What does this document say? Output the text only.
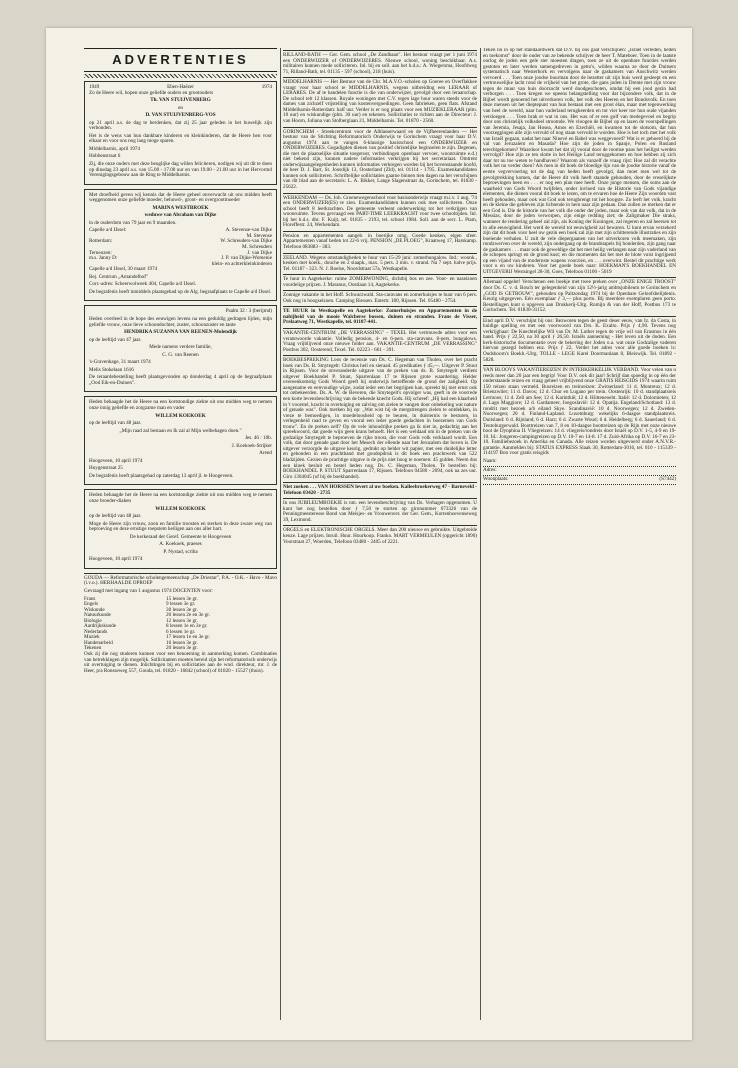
ADVERTENTIES
1949	Eben-Haëzer	1974

Zo de Heere wil, hopen onze geliefde ouders en grootouders

Th. VAN STUIJVENBERG

en

D. VAN STUIJVENBERG-VOS

op 21 april a.s. de dag te herdenken, dat zij 25 jaar geleden in het huwelijk zijn verbonden.

Het is de wens van hun dankbare kinderen en kleinkinderen, dat de Heere hen voor elkaar en voor ons nog lang moge sparen.

Middelharnis, april 1974

Hobbenstraat 6

Zij, die onze ouders met deze heuglijke dag willen feliciteren, nodigen wij uit dit te doen op dinsdag 23 april a.s. van 15.00 - 17.00 uur en van 19.00 - 21.00 uur in het Hervormd Verenigingsgebouw aan de Ring te Middelharnis.

Met droefheid geven wij kennis dat de Heere geheel onverwacht uit ons midden heeft weggenomen onze geliefde moeder, behuwd-, groot- en overgrootmoeder

MARINA WESTBROEK

weduwe van Abraham van Dijke

in de ouderdom van 79 jaar en 9 maanden.

Capelle a/d IJssel:	A. Stevense-van Dijke
M. Stevense
Rotterdam:	W. Schreuders-van Dijke
M. Schreuders
Terneuzen:	J. van Dijke
m.s. Janny D:	J. P. van Dijke-Womenie
klein- en achterkleinkinderen

Capelle a/d IJssel, 30 maart 1974

Bej. Centrum „Amandelhof"

Corr.-adres: Scheerwolweek 404, Capelle a/d IJssel.

De begrafenis heeft inmiddels plaatsgehad op de Alg. begraafplaats te Capelle a/d IJssel.

Psalm 32 : 3 (berijmd)

Heden overleed in de hope des eeuwigen levens na een geduldig gedragen lijden, mijn geliefde vrouw, onze lieve schoondochter, zuster, schoonzuster en tante

HENDRIKA SUZANNA VAN REENEN-Molendijk

op de leeftijd van 47 jaar.

Mede namens verdere familie,

C. G. van Reenen

's-Gravenhage, 31 maart 1974

Melis Stokelaan 1616

De teraardebestelling heeft plaatsgevonden op donderdag 4 april op de begraafplaats „Ood Eik-en-Duinen".

Heden behaagde het de Heere na een kortstondige ziekte uit ons midden weg te nemen onze innig geliefde en zorgzame man en vader

WILLEM KOEKOEK

op de leeftijd van 48 jaar.

„Mijn raad zal bestaan en Ik zal al Mijn welbehagen doen."

Jes. 46 : 10b.

J. Koekoek-Strijker

Arend

Hoogeveen, 10 april 1974

Huygenstraat 25

De begrafenis heeft plaatsgehad op zaterdag 13 april jl. te Hoogeveen.

Heden behaagde het de Heere na een kortstondige ziekte uit ons midden weg te nemen onze broeder-diaken

WILLEM KOEKOEK

op de leeftijd van 48 jaar.

Moge de Heere zijn vrouw, zoon en familie troosten en sterken in deze zware weg van beproeving en deze ernstige roepstem heiligen aan ons aller hart.

De kerkeraad der Geref. Gemeente te Hoogeveen

A. Koekoek, praeses

P. Nystad, scriba

Hoogeveen, 10 april 1974

GOUDA — Reformatorische scholengemeenschap „De Driestar", P.A. - O.K. - Havo - Mavo (i.v.o.). HERHAALDE OPROEP

Gevraagd met ingang van 1 augustus 1974 DOCENTEN voor:

Frans	15 lessen 3e gr.
Engels	9 lessen 3e gr.
Wiskunde	30 lessen 3e gr.
Natuurkunde	20 lessen 2e en 3e gr.
Biologie	12 lessen 3e gr.
Aardrijkskunde	8 lessen 1e en 2e gr.
Nederlands	6 lessen 1e gr.
Muziek	17 lessen 1e en 3e gr.
Handenarbeid	16 lessen 3e gr.
Tekenen	20 lessen 3e gr.

Ook zij die nog studeren kunnen voor een benoeming in aanmerking komen. Combinaties van betrekkingen zijn mogelijk. Sollicitanten moeten bereid zijn het reformatorisch onderwijs uit overtuiging te dienen. Inlichtingen bij en sollicitaties aan de wnd. direkteur, mr. J. de Heer, p/a Ronsseweg 557, Gouda, tel. 01820 - 16842 (school) of 01820 - 15527 (thuis).

RILLAND-BATH — Ger. Gem. school „De Zandbaan". Het bestuur vraagt per 1 juni 1974 een ONDERWIJZER of ONDERWIJZERES. Nieuwe school, woning beschikbaar. A.s. militairen kunnen mede solliciteren. Inl. bij en soll. aan het h.d.a.: A. Wiegersma, Hoofdweg 71, Rilland-Bath, tel. 01135 - 597 (school), 218 (huis).

MIDDELHARNIS — Het Bestuur van de Chr. M.A.V.O.-scholen op Goeree en Overflakkee vraagt voor haar school te MIDDELHARNIS, wegens uitbreiding een LERAAR of LERARES. De af te handelen functie is die van onderwijzer, gevolgd door een leraarschap. De school telt 12 klassen. Royale woningen met C.V. tegen lage huur waren steeds voor de dames van zichzelf vrijstelling van kostenvergoedingen. Geen fabrieken, geen flats. Afstand Middelharnis-Rotterdam: half uur. Verder is er nog plaats voor een MUZIEKLERAAR (plm. 10 uur) en wiskundige (plm. 30 uur) en tekenen. Sollicitaties te richten aan de Directeur: J. van Hoorn, Juliana van Stolberglaan 21, Middelharnis. Tel. 01870 - 2560.

GORINCHEM - Streekcentrum voor de Alblasserwaard en de Vijfheerenlanden — Het bestuur van de Stichting Reformatorisch Onderwijs te Gorinchem vraagt voor haar D.V. augustus 1974 aan te vangen 6-klassige basisschool een ONDERWIJZER en ONDERWIJZERES. Gegadigden dienen van positief christelijke beginselen te zijn. Degenen, die met de plaatselijke situatie toegerust, verbindingen openbaar vervoer, woonruimte e.d.) niet bekend zijn, kunnen nadere informaties verkrijgen bij het secretariaat. Omtrent onderwijsaangelegenheden kunnen informaties verkregen worden bij het bovenstaande hoofd, de heer D. J. Bart, St. Joosdijk 13, Oosterland (Zld), tel. 01114 - 1795. Examenkandidaten kunnen ook solliciteren. Schriftelijke sollicitaties gaarne binnen tien dagen na het verschijnen van dit blad aan de secretaris: L. A. Bikker, Lange Slagenstraat 4a, Gorinchem, tel. 01830 - 25622.

WERKENDAM — Ds. Joh. Groenewegenschool voor basisonderwijs vraagt m.i.v. 1 aug. '74 een ONDERWIJZER(ES) te zien. Examenkandidaten kunnen ook mee solliciteren. Onze school heeft 8 leerkrachten. De gemeente verleent onderwerking tot het verkrijgen van woonruimte. Tevens gevraagd een PART-TIME LEERKRACHT voor twee schooltijden. Inl. bij het h.d.s. dhr. F. Kuijt, tel. 01835 - 2193, tel. school 1984. Soll. aan de secr. L. Ptam, Floreffestr. 24, Werkendam.

Pension en appartementen aangeb. in boerijke omg. Goede keuken, eigen sfeer. Appartementen vanaf heden tot 22-6 vrij. PENSION „DE PLOEG", Kraatweg 17, Harskamp. Telefoon 083883 - 383.

ZEELAND. Wegens omstandigheden te huur van 15-29 juni: zomerbungalow. Ind.: woonk., keuken met koelk., douche en 2 slaapk., max. 5 pers. 3 min. v. strand. Na 7 sept. halve prijs. Tel. 01187 - 323. N. J. Roelse, Noordstraat 57a, Westkapelle.

Te huur in Aagtekerke: ruime ZOMERWONING, dichtbij bos en zee. Voor- en naseizoen voordelige prijzen. J. Maranus, Oostlaan 14, Aagtekerke.

Zonnige vakantie in het Hoff. Schwarzwald. Sta-caravans en zomerhuisjes te huur van 6 pers. Ook nog in hoogseizoen. Camping Riessen. Entertr. 180, Rijssen. Tel. 05480 - 2754.

TE HUUR in Westkapelle en Aagtekerke: Zomerhuisjes en Appartementen in de nabijheid van de mooie Walcherse bossen, duinen en stranden. Frans de Visser, Prelaatweg 71, Westkapelle, tel. 01187-441.

VAKANTIE-CENTRUM „DE VERRASSING" - TEXEL Het vertrouwde adres voor een verantwoorde vakantie. Volledig pension, 4- en 6-pers. sta-caravans. 8-pers. bungalows. Vraag vrijblijvend onze nieuwe folder aan. VAKANTIE-CENTRUM „DE VERRASSING" Postbus 302, Oosterend, Texel. Tel. 02223 - 661 - 391.

BOEKBESPREKING Loos de recensie van Ds. C. Hegeman van Tholen, over het pracht boek van Ds. B. Smytegelt: Christus heil en sieraad. 45 predikaties ƒ 45,—. Uitgever P. Stuut in Rijssen. Voor de onveranderde uitgave van de preken van ds. B. Smytegelt verdient uitgever Boekhandel P. Stuut, Sparrenlaan 17 te Rijssen grote waardering. Helder overeenkomstig Gods Woord geeft hij onderwijs betreffende de grond der zaligheid. Op aangename en eenvoudige wijze, zodat ieder een het begrijpen kan, spreekt hij met ernst ook tot onbekeerden. Ds. A. W. de Beveren, die Smytegelt's opvolger was, geeft in de voorrede een korte levensbeschrijving van de bekende knecht Gods. Hij schreef: „Hij had een klaarheid in 't voorstel, kracht in overtuiging en zalving om zielen te vangen door onbekeling wat nature of genade was". Ook merken bij op: „Wat wist hij de mergstrengen zielen te ontdekken, in vreze te bemoedigen, in moedeloosheid op te beuren, in duisternis te besturen, in verlegenheid raad te geven en vooral een ieder goede gedachten in boezemen van Gods trouw". En de preken zelf? Op de vele inhoudrijke preken ga ik niet in, gedachtig aan het spreekwoord, dat goede wijn geen krans behoeft. Het is een weldaad om in de preken van de godzalige Smytegelt te beproeven de rijke troost, die voor Gods volk verklaard wordt. Een volk, dat door genade gaat door het Mesech der ellende naar het Jeruzalem dat boven is. De uitgever verzorgde de uitgave keurig, gedrukt op helder wit papier, met een duidelijke letter en gebonden in een prachtband met goudopdruk is dit boek een prachtwerk van 522 bladzijden. Gezien de prachtige uitgave is de prijs niet hoog te noemen: 45 gulden. Neem dus een kloek besluit en bestel heden nog. Ds. C. Hegeman, Tholen. Te bestellen bij: BOEKHANDEL P. STUUT Sparrenlaan 17, Rijssen. Telefoon 04580 - 2094, ook na zes uur. Giro 1304045 (of bij de boekhandel).

Niet zoeken . . . VAN HORSSEN levert al uw boeken. Kalleebroekerweg 47 - Barneveld - Telefoon 03420 - 2735

In ons JUBILEUMBOEKJE is nm. een levensbeschrijving van Ds. Verhagen opgenomen. U kunt het nog bestellen door ƒ 7,50 te storten op gironummer 673326 van de Penningmeesteresse Bond van Meisjes- en Vrouwenver. der Ger. Gem., Kortenhoevenseweg 39, Lexmond.

ORGELS en ELEKTRONISCHE ORGELS. Meer dan 200 nieuwe en gebruikte. Uitgebreide keuze. Lage prijzen. Inruil. Huur. Huurkoop. Franko. MART VERMEULEN (opgericht 1890) Voorstraat 27, Woerden, Telefoon 03480 - 2405 of 2221.

Teken nu in op het standaardwerk dat D.V. bij ons gaat verschijnen: „Israël verleden, heden en toekomst" door de ouder van ze bekende schrijver de heer T. Mateboer. Toen in de laatste oorlog de joden een gele ster moesten dragen, toen ze uit de openbare functies werden gestoten en later werden samengedreven in getto's, wilden waarna ze door de Duitsers systematisch naar Westerbork en vervolgens naar de gaskamers van Auschwitz werden vervoerd . . . Toen onze joodse buurman door de bezetter uit zijn huis werd gesleept en een vertrouwelijke lacht rond de vrijheid van het grote, die gans joden in Drente met zijn vrouw tegen de muur van huis doorzocht werd doodgeschoten, omdat hij een jood gezin had verborgen . . . Toen kregen we opeens belangstelling voor dat bijzondere volk, dat in de Bijbel wordt genoemd het uitverkoren volk, het volk des Heeren en het Bondsvolk. En toen deze mensen uit het dieptepunt van hun bestaan met een groot élan, maar met tegenwerking van heel de wereld, naar hun vaderland terugkeerden en tot vier keer toe hun oude vijanden versloegen . . . Toen brak er wat in ons. Het was of er een golf van medegevoel en begrip door ons christelijk volksdeel stroomde. We vloogen de Bijbel op en lazen de voorspellingen van Jeremia, Jesaja, Jan Hosea, Amos en Ezechiël, en kwamen tot de slotsom, dat hun voorzeggingen alle zijn vervuld of nog staan vervuld te worden. Hoe is het toch met het volk van Israël gegaan, nadat het naar Ninevé en Babel was weggevoerd? Wat is er geboerd bij de val van Jeruzalem en Masada? Hoe zijn de joden in Spanje, Polen en Rusland terechtgekomen? Waardoor kwam het dat zij vooral door de roomse paus het heiligst werden vervolgd? Hoe zijn ze ten slotte in het Heilige Land teruggekomen en hoe hebben zij zich daar tot nu toe weten te handhaven? Waarom als vanzelf de vraag rijst: Hoe zal dit verachte volk het nu verder doen? Als men in dit boek de bloedige lijn van de joodse historie vanaf de eerste vegvervoering tot de dag van heden heeft gevolgd, dan moet men wel tot de gevolgtrekking komen, dat de Heere dit volk heeft staande gehouden, door de vreselijkste beproevingen heen en . . . er nog een plan mee heeft. Onze jonge mensen, die soms aan de waarheid van Gods Woord twijfelen, onder invloed van de Historie van Gods vijandige elementen, die dienen vooral dit boek te lezen, om te ervaren hoe de Heere Zijn woorden vast heeft gehouden, maar ook wat God ook terugbrengt tot het hoogste. Zo leeft het volk, kracht en de kleine die gebleven zijn lichtende in hem naar zijn gedaan. Dan zullen ze merken dat er een God is. Die de historie van het volk die onder der joden, maar ook van dat volk, dat in de Messias, door de joden verworpen, zijn enige redding ziet; de Zaligmaker Die straks, wanneer de rendering geheel zal zijn, als Koning der Koningen, zal regeren en zal heersen tot in alle eeuwigheid. Het werd de wereld tot eeuwigheid zal bewaren. U kunt ervan verzekerd zijn dat dit boek voor heel uw gezin een boek zal zijn met zijn schitterende illustraties en zijn boeiende verhalen. U zult de vele diepergaanen van het uitverkoren volk meemaken, zijn rondzwerven over de wereld, zijn ondergang op de brandstapels bij honderden, zijn gang naar de gaskamers . . . maar ook de geweldige dat het met heilig verlangen naar zijn vaderland van de schepen springt en de grond kust; en die momenten dat het met de blote vuist ingrijpend op een vijand van de modernste wapens voorzien, en . . . overwint. Bestel dit prachtige werk voor u en uw kinderen. Voor het goede boek naar: HOEKMAN'S BOEKHANDEL EN UITGEVERIJ Westsingel 28-30, Goes, Telefoon 01100 - 5019

Allemaal opgelet! Verschenen een boekje met twee preken over „ONZE ENIGE TROOST" door Ds. C. v. d. Bosch ter gelegenheid van zijn 12½-jarig ambtsjubileum te Gorinchem en „GOD IS GETROUW", gehouden op Paltzondag 1974 bij de Openbare Geloofsbelijdenis. Keurig uitgegeven. Eén exemplaar ƒ 3,— plus porto. Bij meerdere exemplaren geen porto. Bestellingen kunt u opgeven aan Drukkerij-Uitg. Romijn & van der Hoff, Postbus 173 te Gorinchem. Tel. 01830-31152.

Eind april D.V. verschijnt bij ons: Bezworen tegen de geest deser eeuw, van Iz. da Costa, in huidige spelling en met een voorwoord van Drs. K. Exalto. Prijs ƒ 4,90. Tevens nog verkrijgbaar: De Knechtelijke Wil van Dr. M. Luther tegen de vrije wil van Erasmus in één band. Prijs ƒ 22,50, na 30 april ƒ 26,50. Israëls aanneming - Het leven uit de doden. Een kerk-historische documentatie over de bekering der Joden o.a. wat onze Godzalige vaderen hiervan gezegd hebben enz. Prijs ƒ 22, Verder het adres voor alle goede boeken is: Oudshoorn's Boekh.-Uitg. TOLLE - LEGE Karel Doormanlaan 8, Bleiswijk. Tel. 01892 - 5828.

VAN BLOOYS VAKANTIEREIZEN IN INTERKERKELIJK VERBAND. Voor velen van u reeds meer dan 20 jaar een begrip! Voor D.V. ook dit jaar! Schrijf dan spoedig in op één der onderstaande reizen en vraag geheel vrijblijvend onze GRATIS REISGIDS 1974 waarin ruim 150 reizen staan vermeld. Busreizen en treinreizen: Zwitserland: 11 d. Montreux; 12 d. Brienzwiler; 11 d. Davos; 12 d. Chur en Lugano per trein. Oostenrijk: 10 d. standplaatsreis Lermoos; 11 d. Zell am See; 12 d. Karinthië; 12 d. Hiitteneoeht. Italië: 12 d. Dolomieten; 12 d. Lago Maggiore; 12 d. Gardameer, Joegoslavië: 12 d. Opatija. Engeland/Schotland: 13 d. rondrit met bezoek a/h eiland Skye. Scandinavië: 10 d. Noorwegen; 12 d. Zweden-Noorwegen; 20 d. Finland-Lapland. Luxemburg: wekelijks 6-daagse standplaatsreis. Duitsland: 6 d. Rijnland; 6 d. Harz; 6 d. Zwarte Woud; 6 d. Heidelberg; 6 d. Sauerland; 6 d. Teutoburgerwald. Boottreizen van 7, 8 en 10-daagse boottreizen op de Rijn met onze nieuwe boot de Dynphina II. Vliegreizen: 14 d. vliegreis/rondreis door Israël op D.V. 1-5, 4-9 en 19-10. Id.: Jongeren-campingreizen op D.V. 10-7 en 14-8. 17 d. Zuid-Afrika op D.V. 16-7 en 23-10. Familiebezoek in Amerika en Canada. Alle reizen worden uitgevoerd onder A.N.V.R.-garantie. Aanmelden bij: STATUS EXPRESS Slaak 30, Rotterdam-3016, tel. 010 - 115339 - 114197 Bon voor gratis reisgids

Naam:
Adres:
Woonplaats:	(S7442)
